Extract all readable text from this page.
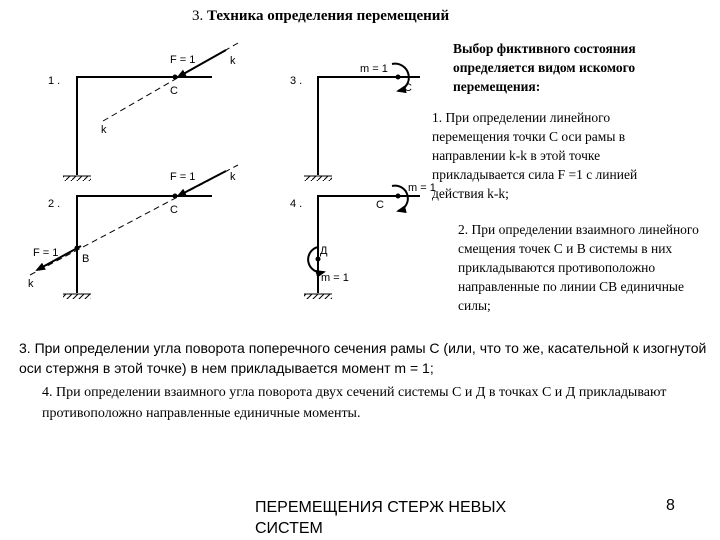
3. Техника определения перемещений
Выбор фиктивного состояния определяется видом искомого перемещения:
1. При определении линейного перемещения точки С оси рамы в направлении k-k в этой точке прикладывается сила F =1 с линией действия k-k;
2. При определении взаимного линейного смещения точек С и В системы в них прикладываются противоположно направленные по линии СВ единичные силы;
3. При определении угла поворота поперечного сечения рамы С (или, что то же, касательной к изогнутой оси стержня в этой точке) в нем прикладывается момент m = 1;
4. При определении взаимного угла поворота двух сечений системы С и Д в точках С и Д прикладывают противоположно направленные единичные моменты.
1 .
F = 1	k
k
C
2 .
F = 1	k
F = 1
k
C
B
3 .
m = 1
C
4 .
m = 1
m = 1
C
Д
ПЕРЕМЕЩЕНИЯ СТЕРЖ НЕВЫХ СИСТЕМ
8
